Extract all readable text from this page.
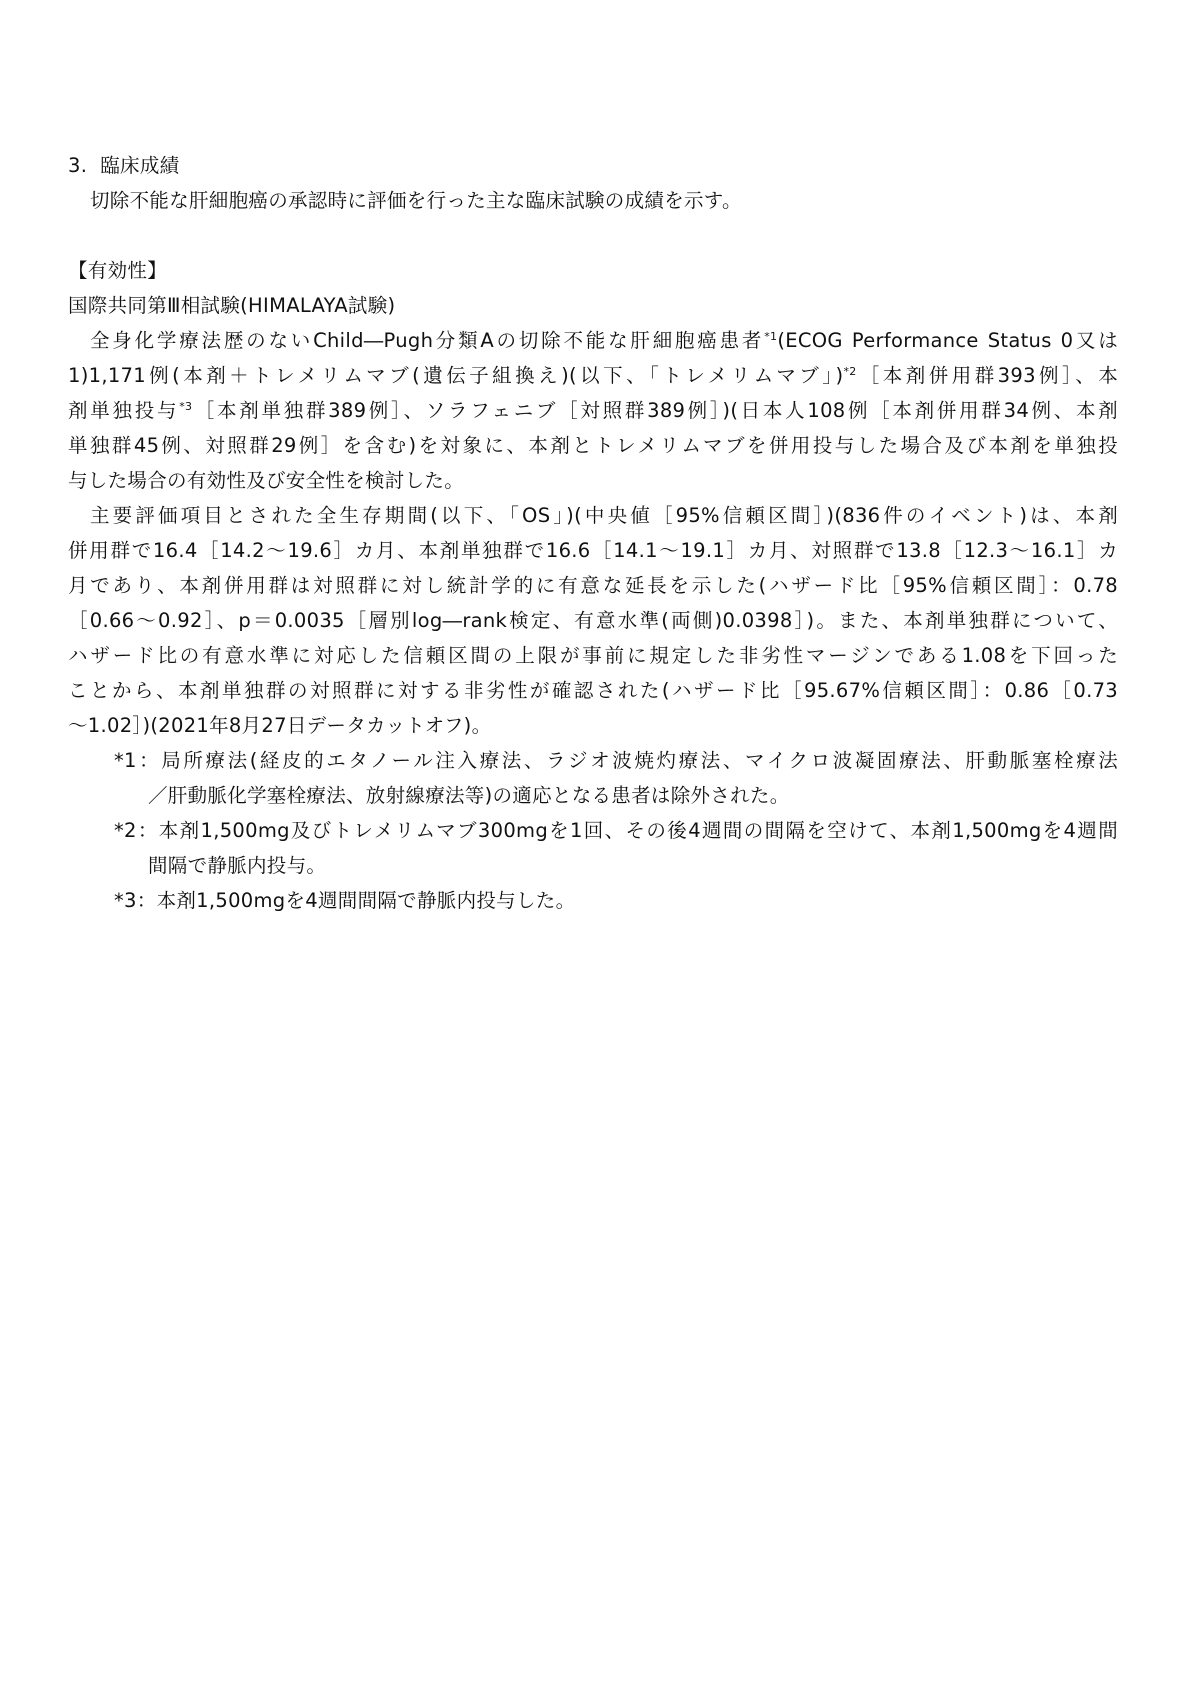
3. 臨床成績
切除不能な肝細胞癌の承認時に評価を行った主な臨床試験の成績を示す。
【有効性】
国際共同第Ⅲ相試験(HIMALAYA試験)
全身化学療法歴のないChild―Pugh分類Aの切除不能な肝細胞癌患者$^{*1}$(ECOG Performance Status 0又は
1)1,171例(本剤＋トレメリムマブ(遺伝子組換え)(以下、「トレメリムマブ」)$^{*2}$［本剤併用群393例］、本
剤単独投与$^{*3}$［本剤単独群389例］、ソラフェニブ［対照群389例］)(日本人108例［本剤併用群34例、本剤
単独群45例、対照群29例］を含む)を対象に、本剤とトレメリムマブを併用投与した場合及び本剤を単独投
与した場合の有効性及び安全性を検討した。
主要評価項目とされた全生存期間(以下、「OS」)(中央値［95%信頼区間］)(836件のイベント)は、本剤
併用群で16.4［14.2～19.6］カ月、本剤単独群で16.6［14.1～19.1］カ月、対照群で13.8［12.3～16.1］カ
月であり、本剤併用群は対照群に対し統計学的に有意な延長を示した(ハザード比［95%信頼区間］：0.78
［0.66～0.92］、p＝0.0035［層別log―rank検定、有意水準(両側)0.0398］)。また、本剤単独群について、
ハザード比の有意水準に対応した信頼区間の上限が事前に規定した非劣性マージンである1.08を下回った
ことから、本剤単独群の対照群に対する非劣性が確認された(ハザード比［95.67%信頼区間］：0.86［0.73
～1.02］)(2021年8月27日データカットオフ)。
*1：局所療法(経皮的エタノール注入療法、ラジオ波焼灼療法、マイクロ波凝固療法、肝動脈塞栓療法
／肝動脈化学塞栓療法、放射線療法等)の適応となる患者は除外された。
*2：本剤1,500mg及びトレメリムマブ300mgを1回、その後4週間の間隔を空けて、本剤1,500mgを4週間
間隔で静脈内投与。
*3：本剤1,500mgを4週間間隔で静脈内投与した。
